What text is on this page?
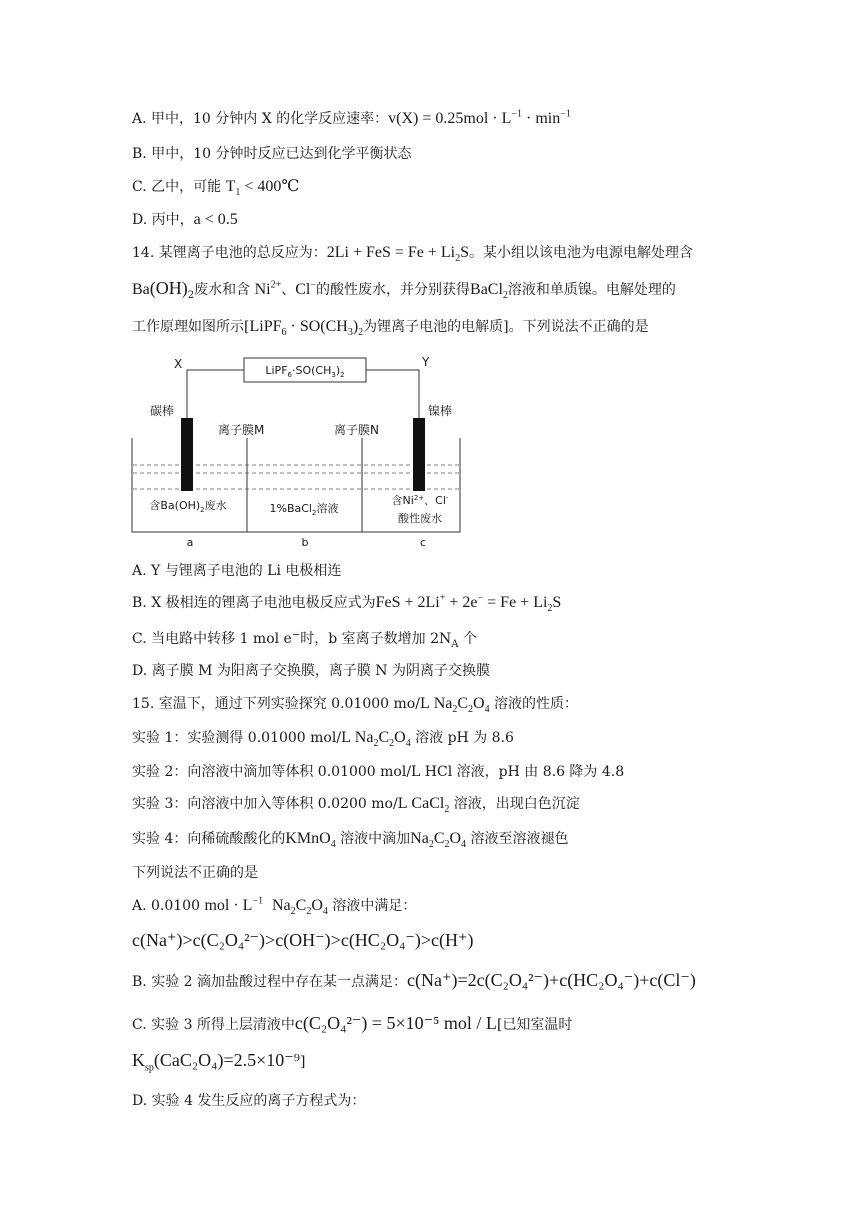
A. 甲中，10 分钟内 X 的化学反应速率：$v(X) = 0.25mol \cdot L^{-1} \cdot \min^{-1}$
B. 甲中，10 分钟时反应已达到化学平衡状态
C. 乙中，可能 $T_1$ < 400℃
D. 丙中，a < 0.5
14. 某锂离子电池的总反应为：2Li + FeS = $Fe + Li_2S$。某小组以该电池为电源电解处理含
$Ba(OH)_2$废水和含 $Ni^{2+}$、Cl−的酸性废水，并分别获得BaCl$_2$溶液和单质镍。电解处理的
工作原理如图所示[LiPF$_6$ · $SO(CH_3)_2$为锂离子电池的电解质]。下列说法不正确的是
$LiPF_6\cdot SO(CH_3)_2$
X	Y
碳棒	镍棒
离子膜M	离子膜N
含$Ba(OH)_2$废水	1%BaCl$_2$溶液
含$Ni^{2+}$、Cl-
酸性废水
a	b	c
A. Y 与锂离子电池的 Li 电极相连
B. X 极相连的锂离子电池电极反应式为FeS + $2Li^+ + 2e^- = Fe + Li_2S$
C. 当电路中转移 1 mol e−时，b 室离子数增加 $2N_A$ 个
D. 离子膜 M 为阳离子交换膜，离子膜 N 为阴离子交换膜
15. 室温下，通过下列实验探究 0.01000 mo/L $Na_2C_2O_4$ 溶液的性质：
实验 1：实验测得 0.01000 mol/L $Na_2C_2O_4$ 溶液 pH 为 8.6
实验 2：向溶液中滴加等体积 0.01000 mol/L HCl 溶液，pH 由 8.6 降为 4.8
实验 3：向溶液中加入等体积 0.0200 mo/L CaCl$_2$ 溶液，出现白色沉淀
实验 4：向稀硫酸酸化的KMnO$_4$ 溶液中滴加$Na_2C_2O_4$ 溶液至溶液褪色
下列说法不正确的是
A. 0.0100 mol · $L^{-1}$ $Na_2C_2O_4$ 溶液中满足：
c(Na⁺)>c(C₂O₄²⁻)>c(OH⁻)>c(HC₂O₄⁻)>c(H⁺)
B. 实验 2 滴加盐酸过程中存在某一点满足：c(Na⁺)=2c(C₂O₄²⁻)+c(HC₂O₄⁻)+c(Cl⁻)
C. 实验 3 所得上层清液中c(C₂O₄²⁻) = 5×10⁻⁵ mol / L[已知室温时
$K_{sp}(CaC_2O_4)=2.5\times 10^{-9}$]
D. 实验 4 发生反应的离子方程式为：
